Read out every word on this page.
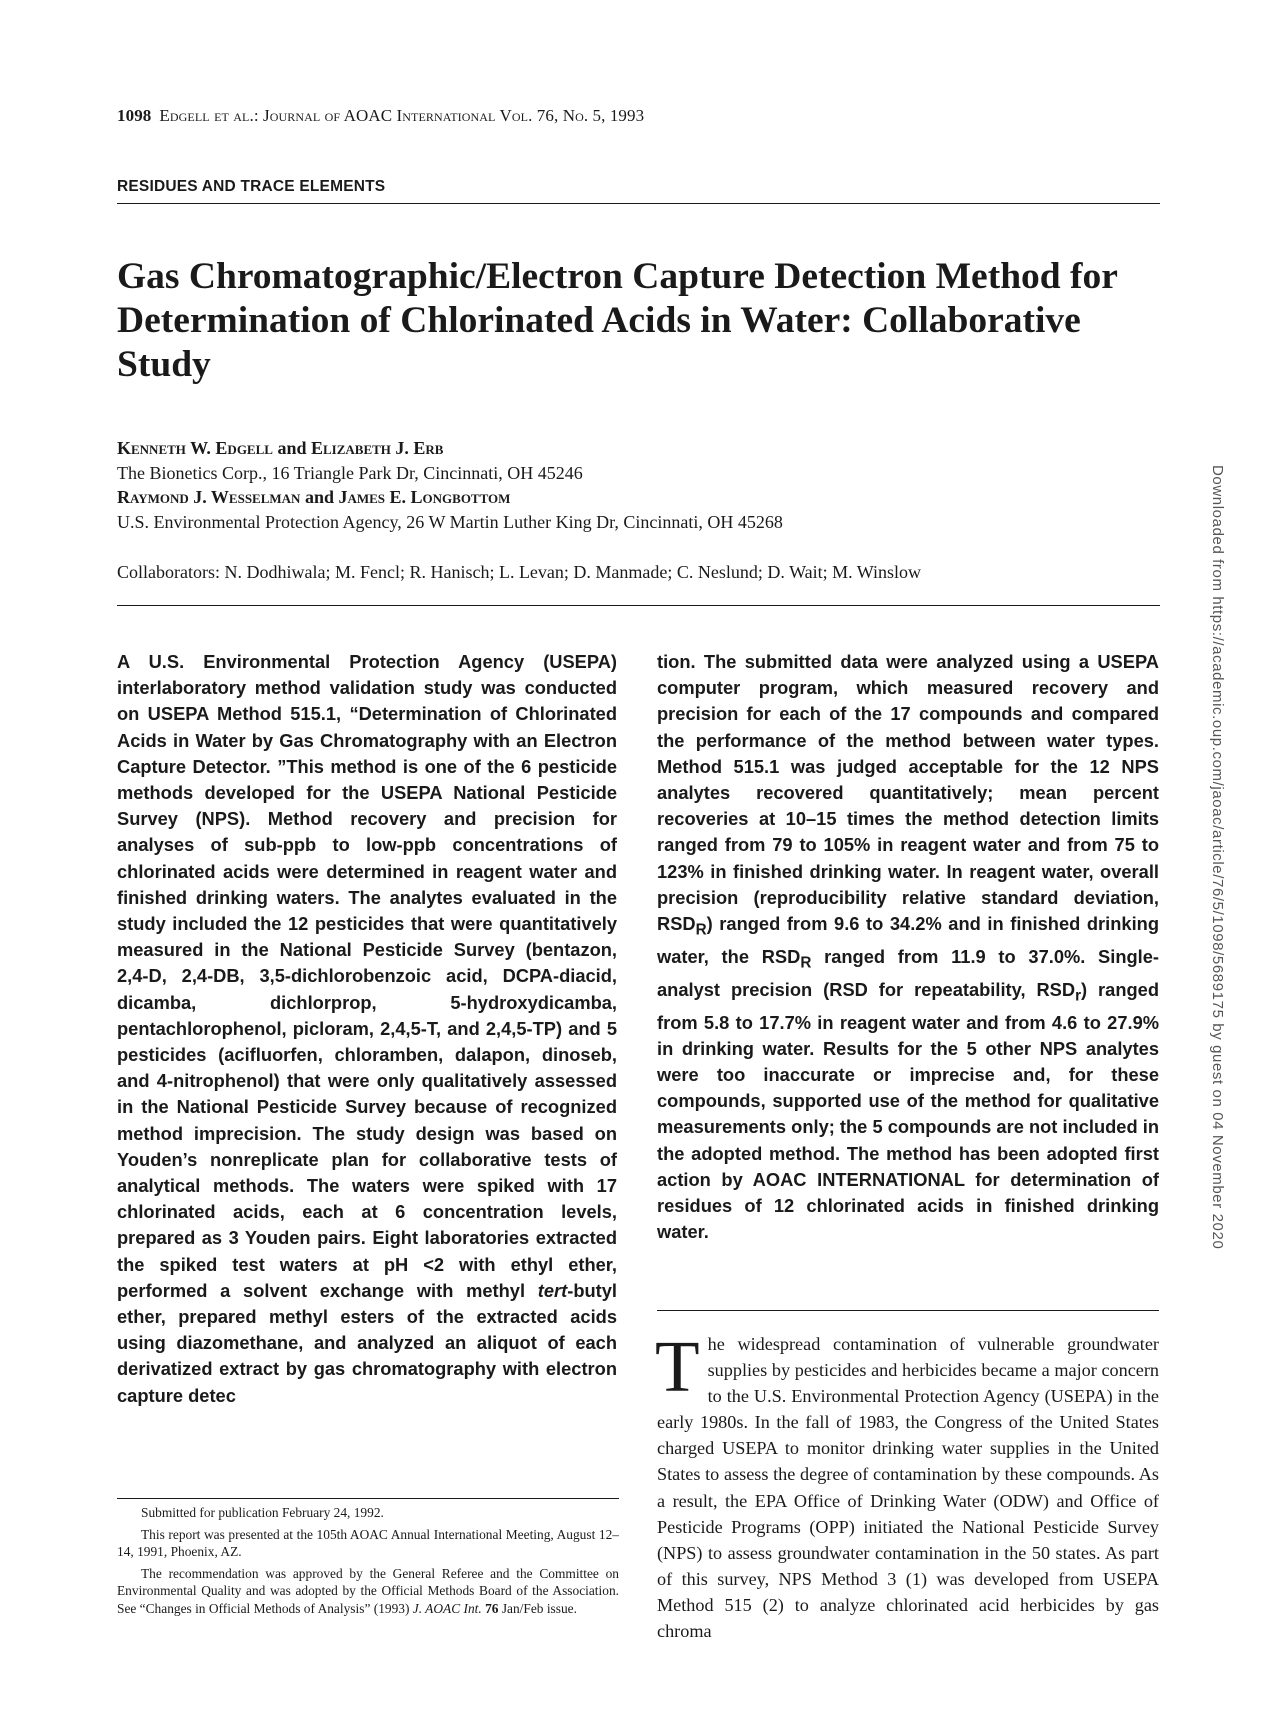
1098 Edgell et al.: Journal of AOAC International Vol. 76, No. 5, 1993
RESIDUES AND TRACE ELEMENTS
Gas Chromatographic/Electron Capture Detection Method for Determination of Chlorinated Acids in Water: Collaborative Study
Kenneth W. Edgell and Elizabeth J. Erb
The Bionetics Corp., 16 Triangle Park Dr, Cincinnati, OH 45246
Raymond J. Wesselman and James E. Longbottom
U.S. Environmental Protection Agency, 26 W Martin Luther King Dr, Cincinnati, OH 45268
Collaborators: N. Dodhiwala; M. Fencl; R. Hanisch; L. Levan; D. Manmade; C. Neslund; D. Wait; M. Winslow

A U.S. Environmental Protection Agency (USEPA) interlaboratory method validation study was conducted on USEPA Method 515.1, “Determination of Chlorinated Acids in Water by Gas Chromatography with an Electron Capture Detector. ”This method is one of the 6 pesticide methods developed for the USEPA National Pesticide Survey (NPS). Method recovery and precision for analyses of sub-ppb to low-ppb concentrations of chlorinated acids were determined in reagent water and finished drinking waters. The analytes evaluated in the study included the 12 pesticides that were quantitatively measured in the National Pesticide Survey (bentazon, 2,4-D, 2,4-DB, 3,5-dichlorobenzoic acid, DCPA-diacid, dicamba, dichlorprop, 5-hydroxydicamba, pentachlorophenol, picloram, 2,4,5-T, and 2,4,5-TP) and 5 pesticides (acifluorfen, chloramben, dalapon, dinoseb, and 4-nitrophenol) that were only qualitatively assessed in the National Pesticide Survey because of recognized method imprecision. The study design was based on Youden’s nonreplicate plan for collaborative tests of analytical methods. The waters were spiked with 17 chlorinated acids, each at 6 concentration levels, prepared as 3 Youden pairs. Eight laboratories extracted the spiked test waters at pH <2 with ethyl ether, performed a solvent exchange with methyl tert-butyl ether, prepared methyl esters of the extracted acids using diazomethane, and analyzed an aliquot of each derivatized extract by gas chromatography with electron capture detec

tion. The submitted data were analyzed using a USEPA computer program, which measured recovery and precision for each of the 17 compounds and compared the performance of the method between water types. Method 515.1 was judged acceptable for the 12 NPS analytes recovered quantitatively; mean percent recoveries at 10–15 times the method detection limits ranged from 79 to 105% in reagent water and from 75 to 123% in finished drinking water. In reagent water, overall precision (reproducibility relative standard deviation, $RSD_R$) ranged from 9.6 to 34.2% and in finished drinking water, the $RSD_R$ ranged from 11.9 to 37.0%. Single-analyst precision (RSD for repeatability, $RSD_r$) ranged from 5.8 to 17.7% in reagent water and from 4.6 to 27.9% in drinking water. Results for the 5 other NPS analytes were too inaccurate or imprecise and, for these compounds, supported use of the method for qualitative measurements only; the 5 compounds are not included in the adopted method. The method has been adopted first action by AOAC INTERNATIONAL for determination of residues of 12 chlorinated acids in finished drinking water.

The widespread contamination of vulnerable groundwater supplies by pesticides and herbicides became a major concern to the U.S. Environmental Protection Agency (USEPA) in the early 1980s. In the fall of 1983, the Congress of the United States charged USEPA to monitor drinking water supplies in the United States to assess the degree of contamination by these compounds. As a result, the EPA Office of Drinking Water (ODW) and Office of Pesticide Programs (OPP) initiated the National Pesticide Survey (NPS) to assess groundwater contamination in the 50 states. As part of this survey, NPS Method 3 (1) was developed from USEPA Method 515 (2) to analyze chlorinated acid herbicides by gas chroma

Submitted for publication February 24, 1992.

This report was presented at the 105th AOAC Annual International Meeting, August 12–14, 1991, Phoenix, AZ.

The recommendation was approved by the General Referee and the Committee on Environmental Quality and was adopted by the Official Methods Board of the Association. See “Changes in Official Methods of Analysis” (1993) J. AOAC Int. 76 Jan/Feb issue.

Downloaded from https://academic.oup.com/jaoac/article/76/5/1098/5689175 by guest on 04 November 2020
